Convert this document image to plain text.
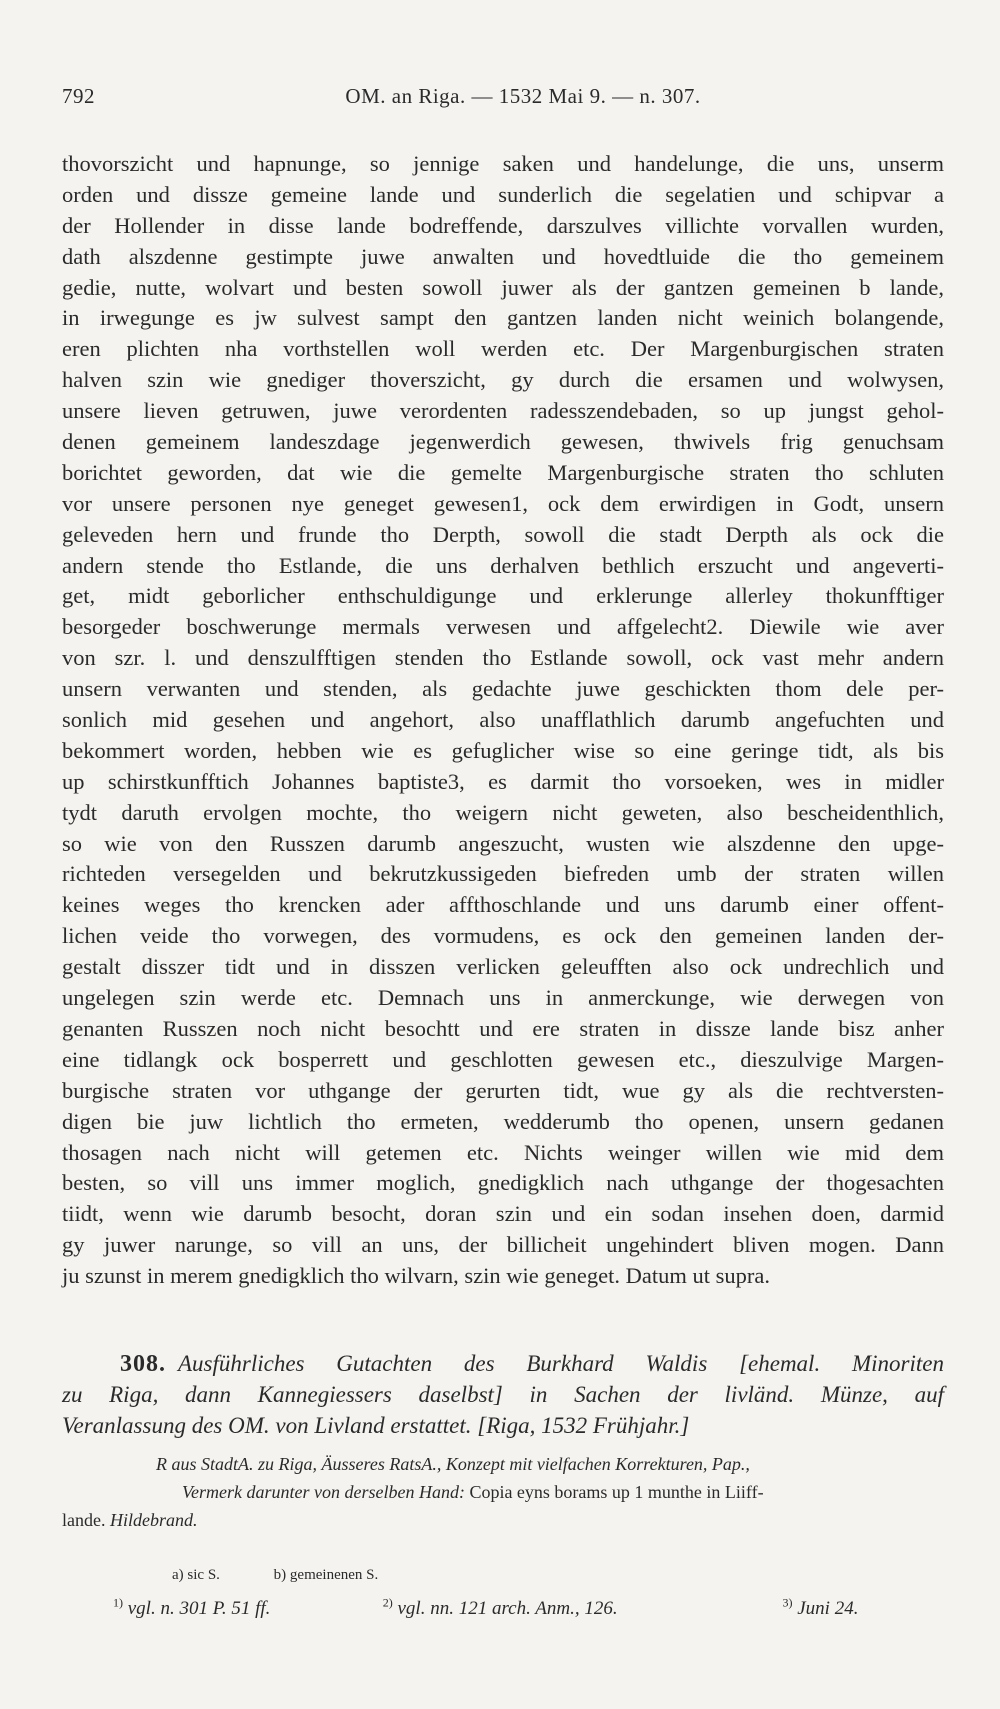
792	OM. an Riga. — 1532 Mai 9. — n. 307.
thovorszicht und hapnunge, so jennige saken und handelunge, die uns, unserm
orden und dissze gemeine lande und sunderlich die segelatien und schipvar a
der Hollender in disse lande bodreffende, darszulves villichte vorvallen wurden,
dath alszdenne gestimpte juwe anwalten und hovedtluide die tho gemeinem
gedie, nutte, wolvart und besten sowoll juwer als der gantzen gemeinen b lande,
in irwegunge es jw sulvest sampt den gantzen landen nicht weinich bolangende,
eren plichten nha vorthstellen woll werden etc. Der Margenburgischen straten
halven szin wie gnediger thoverszicht, gy durch die ersamen und wolwysen,
unsere lieven getruwen, juwe verordenten radesszendebaden, so up jungst gehol-
denen gemeinem landeszdage jegenwerdich gewesen, thwivels frig genuchsam
borichtet geworden, dat wie die gemelte Margenburgische straten tho schluten
vor unsere personen nye geneget gewesen1, ock dem erwirdigen in Godt, unsern
geleveden hern und frunde tho Derpth, sowoll die stadt Derpth als ock die
andern stende tho Estlande, die uns derhalven bethlich erszucht und angeverti-
get, midt geborlicher enthschuldigunge und erklerunge allerley thokunfftiger
besorgeder boschwerunge mermals verwesen und affgelecht2. Diewile wie aver
von szr. l. und denszulfftigen stenden tho Estlande sowoll, ock vast mehr andern
unsern verwanten und stenden, als gedachte juwe geschickten thom dele per-
sonlich mid gesehen und angehort, also unafflathlich darumb angefuchten und
bekommert worden, hebben wie es gefuglicher wise so eine geringe tidt, als bis
up schirstkunfftich Johannes baptiste3, es darmit tho vorsoeken, wes in midler
tydt daruth ervolgen mochte, tho weigern nicht geweten, also bescheidenthlich,
so wie von den Russzen darumb angeszucht, wusten wie alszdenne den upge-
richteden versegelden und bekrutzkussigeden biefreden umb der straten willen
keines weges tho krencken ader affthoschlande und uns darumb einer offent-
lichen veide tho vorwegen, des vormudens, es ock den gemeinen landen der-
gestalt disszer tidt und in disszen verlicken geleufften also ock undrechlich und
ungelegen szin werde etc. Demnach uns in anmerckunge, wie derwegen von
genanten Russzen noch nicht besochtt und ere straten in dissze lande bisz anher
eine tidlangk ock bosperrett und geschlotten gewesen etc., dieszulvige Margen-
burgische straten vor uthgange der gerurten tidt, wue gy als die rechtversten-
digen bie juw lichtlich tho ermeten, wedderumb tho openen, unsern gedanen
thosagen nach nicht will getemen etc. Nichts weinger willen wie mid dem
besten, so vill uns immer moglich, gnedigklich nach uthgange der thogesachten
tiidt, wenn wie darumb besocht, doran szin und ein sodan insehen doen, darmid
gy juwer narunge, so vill an uns, der billicheit ungehindert bliven mogen. Dann
ju szunst in merem gnedigklich tho wilvarn, szin wie geneget. Datum ut supra.
308. Ausführliches Gutachten des Burkhard Waldis [ehemal. Minoriten
zu Riga, dann Kannegiessers daselbst] in Sachen der livländ. Münze, auf
Veranlassung des OM. von Livland erstattet. [Riga, 1532 Frühjahr.]
R aus StadtA. zu Riga, Äusseres RatsA., Konzept mit vielfachen Korrekturen, Pap.,
Vermerk darunter von derselben Hand: Copia eyns borams up 1 munthe in Liiff-
lande. Hildebrand.
a) sic S.	b) gemeinenen S.
$^{1)}$ vgl. n. 301 P. 51 ff.	$^{2)}$ vgl. nn. 121 arch. Anm., 126.	$^{3)}$ Juni 24.
